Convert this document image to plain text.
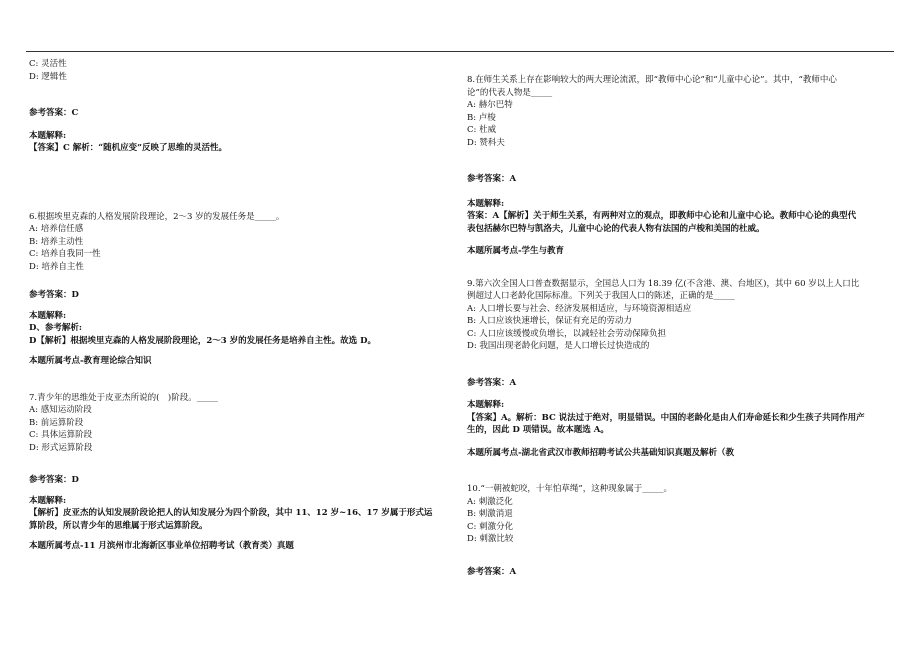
C: 灵活性
D: 逻辑性
参考答案：C
本题解释:
【答案】C 解析：“随机应变”反映了思维的灵活性。
6.根据埃里克森的人格发展阶段理论，2～3 岁的发展任务是_____。
A: 培养信任感
B: 培养主动性
C: 培养自我同一性
D: 培养自主性
参考答案：D
本题解释:
D、参考解析:
D【解析】根据埃里克森的人格发展阶段理论，2～3 岁的发展任务是培养自主性。故选 D。
本题所属考点-教育理论综合知识
7.青少年的思维处于皮亚杰所说的(　)阶段。_____
A: 感知运动阶段
B: 前运算阶段
C: 具体运算阶段
D: 形式运算阶段
参考答案：D
本题解释:
【解析】皮亚杰的认知发展阶段论把人的认知发展分为四个阶段，其中 11、12 岁~16、17 岁属于形式运
算阶段，所以青少年的思维属于形式运算阶段。
本题所属考点-11 月滨州市北海新区事业单位招聘考试（教育类）真题
8.在师生关系上存在影响较大的两大理论流派，即“教师中心论”和“儿童中心论”。其中，“教师中心
论”的代表人物是_____
A: 赫尔巴特
B: 卢梭
C: 杜威
D: 赞科夫
参考答案：A
本题解释:
答案：A【解析】关于师生关系，有两种对立的观点，即教师中心论和儿童中心论。教师中心论的典型代
表包括赫尔巴特与凯洛夫，儿童中心论的代表人物有法国的卢梭和美国的杜威。
本题所属考点-学生与教育
9.第六次全国人口普查数据显示，全国总人口为 18.39 亿(不含港、澳、台地区)，其中 60 岁以上人口比
例超过人口老龄化国际标准。下列关于我国人口的陈述，正确的是_____
A: 人口增长要与社会、经济发展相适应，与环境资源相适应
B: 人口应该快速增长，保证有充足的劳动力
C: 人口应该缓慢或负增长，以减轻社会劳动保障负担
D: 我国出现老龄化问题，是人口增长过快造成的
参考答案：A
本题解释:
【答案】A。解析：BC 说法过于绝对，明显错误。中国的老龄化是由人们寿命延长和少生孩子共同作用产
生的，因此 D 项错误。故本题选 A。
本题所属考点-湖北省武汉市教师招聘考试公共基础知识真题及解析（教
10.“一朝被蛇咬，十年怕草绳”，这种现象属于_____。
A: 刺激泛化
B: 刺激消退
C: 刺激分化
D: 刺激比较
参考答案：A
